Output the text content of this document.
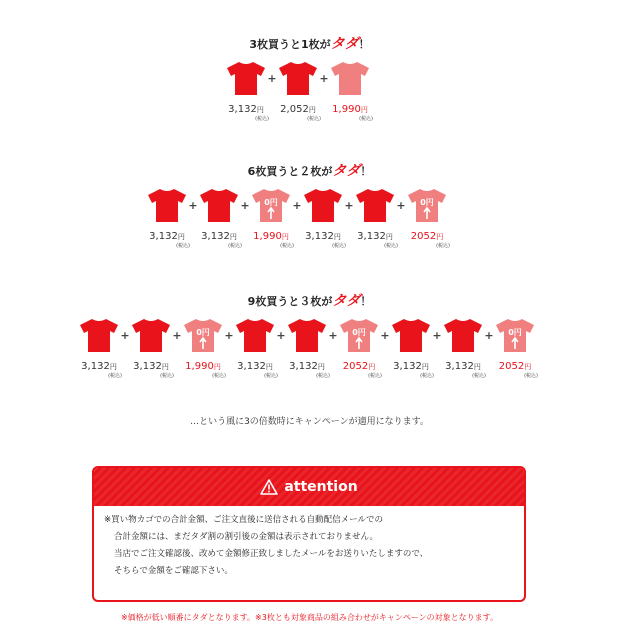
3枚買うと1枚がタダ！
3,132円
(税込)
+
2,052円
(税込)
+
1,990円
(税込)
6枚買うと２枚がタダ！
3,132円
(税込)
+
3,132円
(税込)
+ 0円
1,990円
(税込)
+
3,132円
(税込)
+
3,132円
(税込)
+ 0円
2052円
(税込)
9枚買うと３枚がタダ！
3,132円
(税込)
+
3,132円
(税込)
+ 0円
1,990円
(税込)
+
3,132円
(税込)
+
3,132円
(税込)
+ 0円
2052円
(税込)
+
3,132円
(税込)
+
3,132円
(税込)
+ 0円
2052円
(税込)
…という風に3の倍数時にキャンペーンが適用になります。
attention

※買い物カゴでの合計金額、ご注文直後に送信される自動配信メールでの

合計金額には、まだタダ割の割引後の金額は表示されておりません。

当店でご注文確認後、改めて金額修正致しましたメールをお送りいたしますので、

そちらで金額をご確認下さい。

※価格が低い順番にタダとなります。※3枚とも対象商品の組み合わせがキャンペーンの対象となります。
